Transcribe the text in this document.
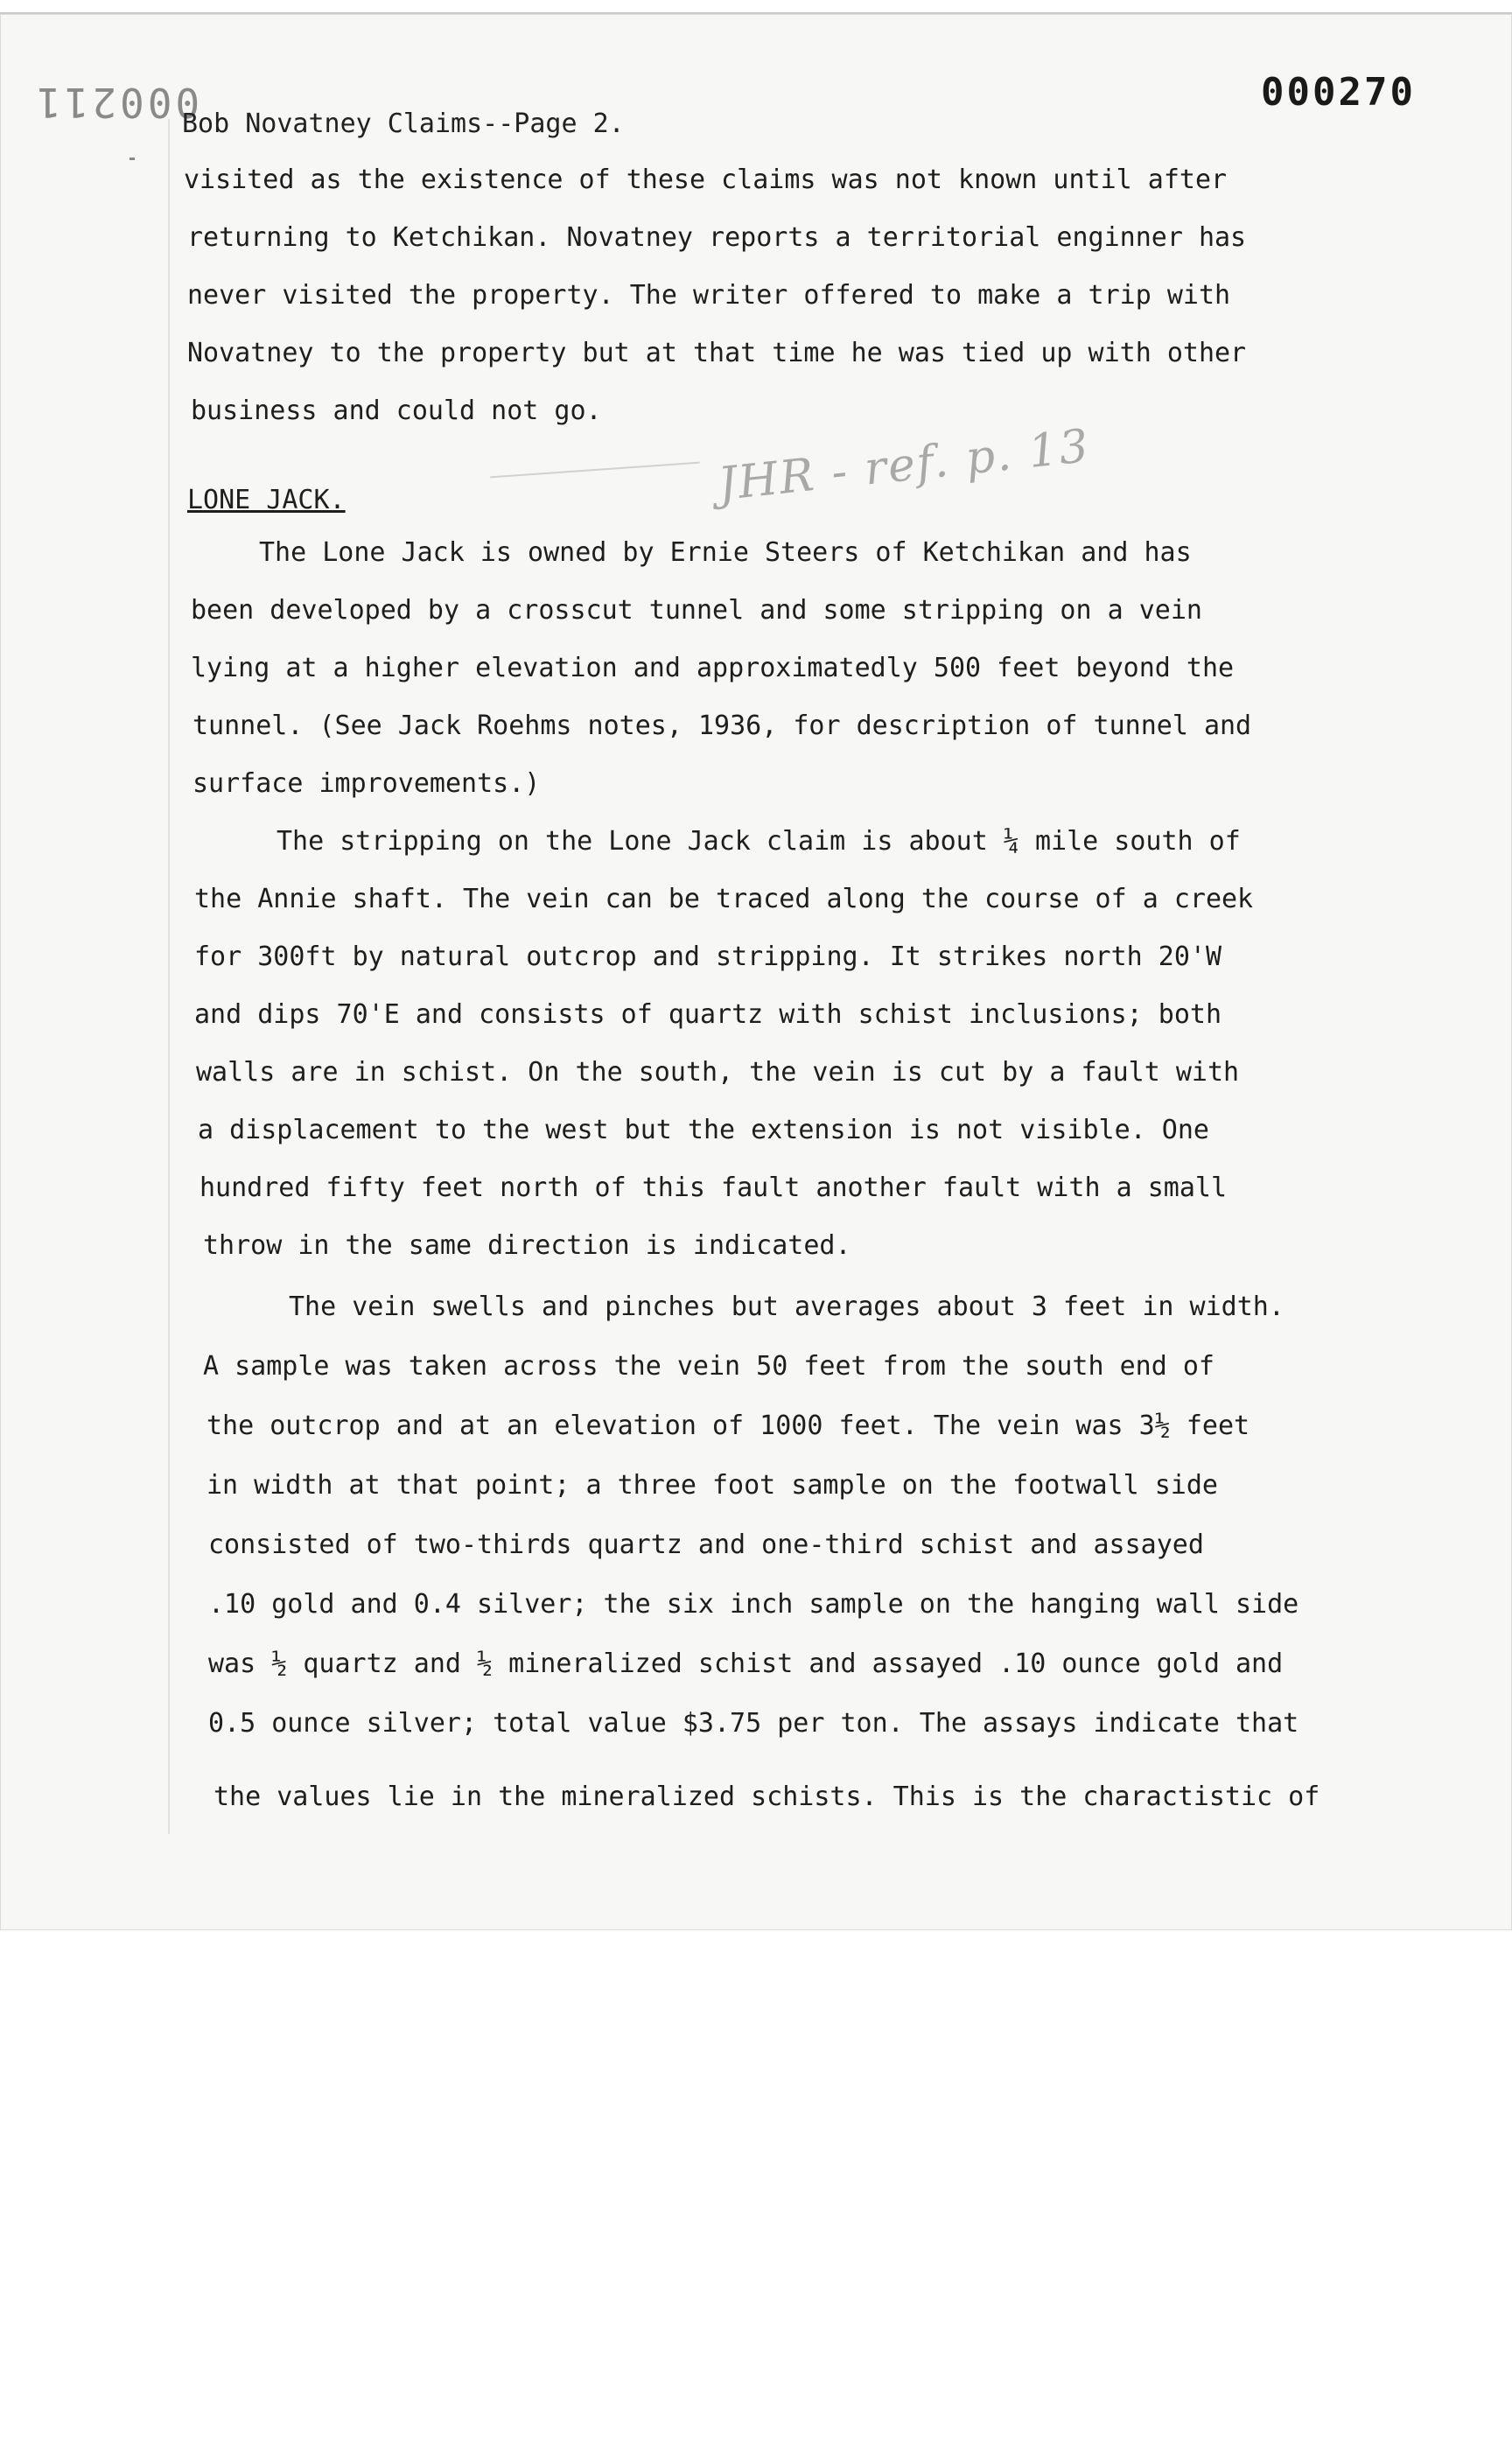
000211	000270
Bob Novatney Claims--Page 2.
visited as the existence of these claims was not known until after
returning to Ketchikan. Novatney reports a territorial enginner has
never visited the property. The writer offered to make a trip with
Novatney to the property but at that time he was tied up with other
business and could not go.
JHR - ref. p. 13
LONE JACK.
The Lone Jack is owned by Ernie Steers of Ketchikan and has
been developed by a crosscut tunnel and some stripping on a vein
lying at a higher elevation and approximatedly 500 feet beyond the
tunnel. (See Jack Roehms notes, 1936, for description of tunnel and
surface improvements.)
The stripping on the Lone Jack claim is about ¼ mile south of
the Annie shaft. The vein can be traced along the course of a creek
for 300ft by natural outcrop and stripping. It strikes north 20'W
and dips 70'E and consists of quartz with schist inclusions; both
walls are in schist. On the south, the vein is cut by a fault with
a displacement to the west but the extension is not visible. One
hundred fifty feet north of this fault another fault with a small
throw in the same direction is indicated.
The vein swells and pinches but averages about 3 feet in width.
A sample was taken across the vein 50 feet from the south end of
the outcrop and at an elevation of 1000 feet. The vein was 3½ feet
in width at that point; a three foot sample on the footwall side
consisted of two-thirds quartz and one-third schist and assayed
.10 gold and 0.4 silver; the six inch sample on the hanging wall side
was ½ quartz and ½ mineralized schist and assayed .10 ounce gold and
0.5 ounce silver; total value $3.75 per ton. The assays indicate that
the values lie in the mineralized schists. This is the charactistic of
